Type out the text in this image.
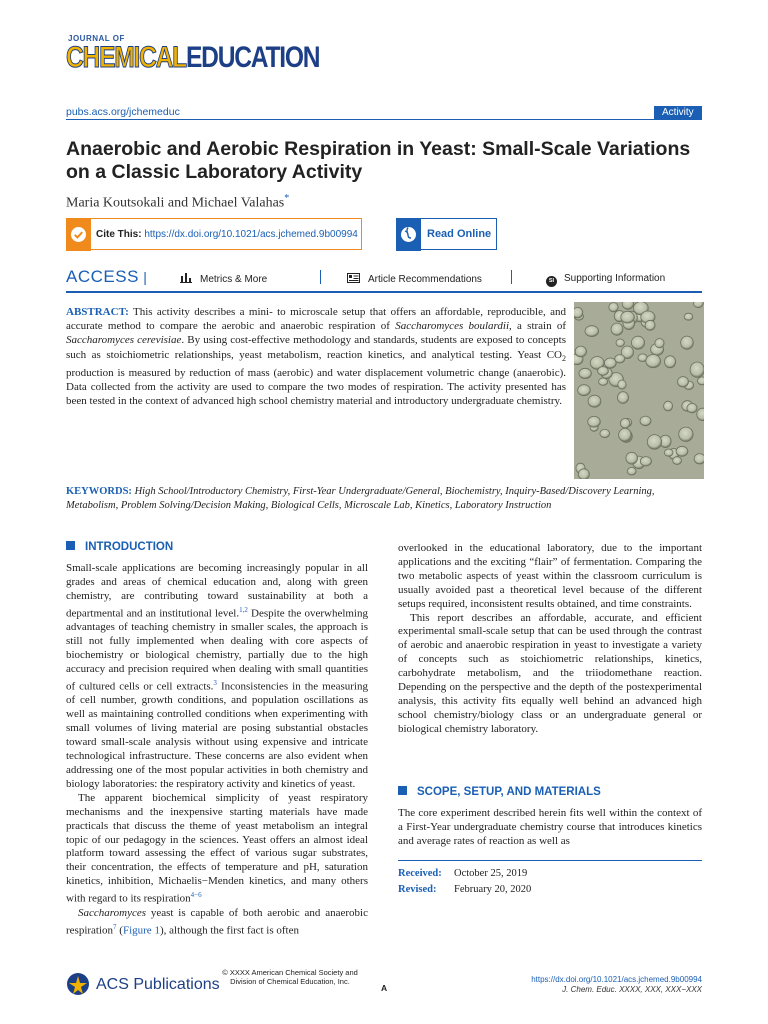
JOURNAL OF
CHEMICALEDUCATION
pubs.acs.org/jchemeduc	Activity
Anaerobic and Aerobic Respiration in Yeast: Small-Scale Variations on a Classic Laboratory Activity
Maria Koutsokali and Michael Valahas*
Cite This: https://dx.doi.org/10.1021/acs.jchemed.9b00994	Read Online
ACCESS |	Metrics & More	Article Recommendations	SI Supporting Information
ABSTRACT: This activity describes a mini- to microscale setup that offers an affordable, reproducible, and accurate method to compare the aerobic and anaerobic respiration of Saccharomyces boulardii, a strain of Saccharomyces cerevisiae. By using cost-effective methodology and standards, students are exposed to concepts such as stoichiometric relationships, yeast metabolism, reaction kinetics, and analytical testing. Yeast $CO_2$ production is measured by reduction of mass (aerobic) and water displacement volumetric change (anaerobic). Data collected from the activity are used to compare the two modes of respiration. The activity presented has been tested in the context of advanced high school chemistry material and introductory undergraduate chemistry.
KEYWORDS: High School/Introductory Chemistry, First-Year Undergraduate/General, Biochemistry, Inquiry-Based/Discovery Learning, Metabolism, Problem Solving/Decision Making, Biological Cells, Microscale Lab, Kinetics, Laboratory Instruction
INTRODUCTION

Small-scale applications are becoming increasingly popular in all grades and areas of chemical education and, along with green chemistry, are contributing toward sustainability at both a departmental and an institutional level.$^{1,2}$ Despite the overwhelming advantages of teaching chemistry in smaller scales, the approach is still not fully implemented when dealing with core aspects of biochemistry or biological chemistry, partially due to the high accuracy and precision required when dealing with small quantities of cultured cells or cell extracts.$^3$ Inconsistencies in the measuring of cell number, growth conditions, and population oscillations as well as maintaining controlled conditions when experimenting with small volumes of living material are posing substantial obstacles toward small-scale analysis without using expensive and intricate technological infrastructure. These concerns are also evident when addressing one of the most popular activities in both chemistry and biology laboratories: the respiratory activity and kinetics of yeast.

The apparent biochemical simplicity of yeast respiratory mechanisms and the inexpensive starting materials have made practicals that discuss the theme of yeast metabolism an integral topic of our pedagogy in the sciences. Yeast offers an almost ideal platform toward assessing the effect of various sugar substrates, their concentration, the effects of temperature and pH, saturation kinetics, inhibition, Michaelis−Menden kinetics, and many others with regard to its respiration$^{4-6}$

Saccharomyces yeast is capable of both aerobic and anaerobic respiration$^7$ (Figure 1), although the first fact is often

overlooked in the educational laboratory, due to the important applications and the exciting “flair” of fermentation. Comparing the two metabolic aspects of yeast within the classroom curriculum is usually avoided past a theoretical level because of the different setups required, inconsistent results obtained, and time constraints.

This report describes an affordable, accurate, and efficient experimental small-scale setup that can be used through the contrast of aerobic and anaerobic respiration in yeast to investigate a variety of concepts such as stoichiometric relationships, kinetics, carbohydrate metabolism, and the triiodomethane reaction. Depending on the perspective and the depth of the postexperimental analysis, this activity fits equally well behind an advanced high school chemistry/biology class or an undergraduate general or biological chemistry laboratory.

SCOPE, SETUP, AND MATERIALS

The core experiment described herein fits well within the context of a First-Year undergraduate chemistry course that introduces kinetics and average rates of reaction as well as

Received: October 25, 2019
Revised: February 20, 2020
ACS Publications
© XXXX American Chemical Society and
Division of Chemical Education, Inc.
A
https://dx.doi.org/10.1021/acs.jchemed.9b00994
J. Chem. Educ. XXXX, XXX, XXX−XXX
